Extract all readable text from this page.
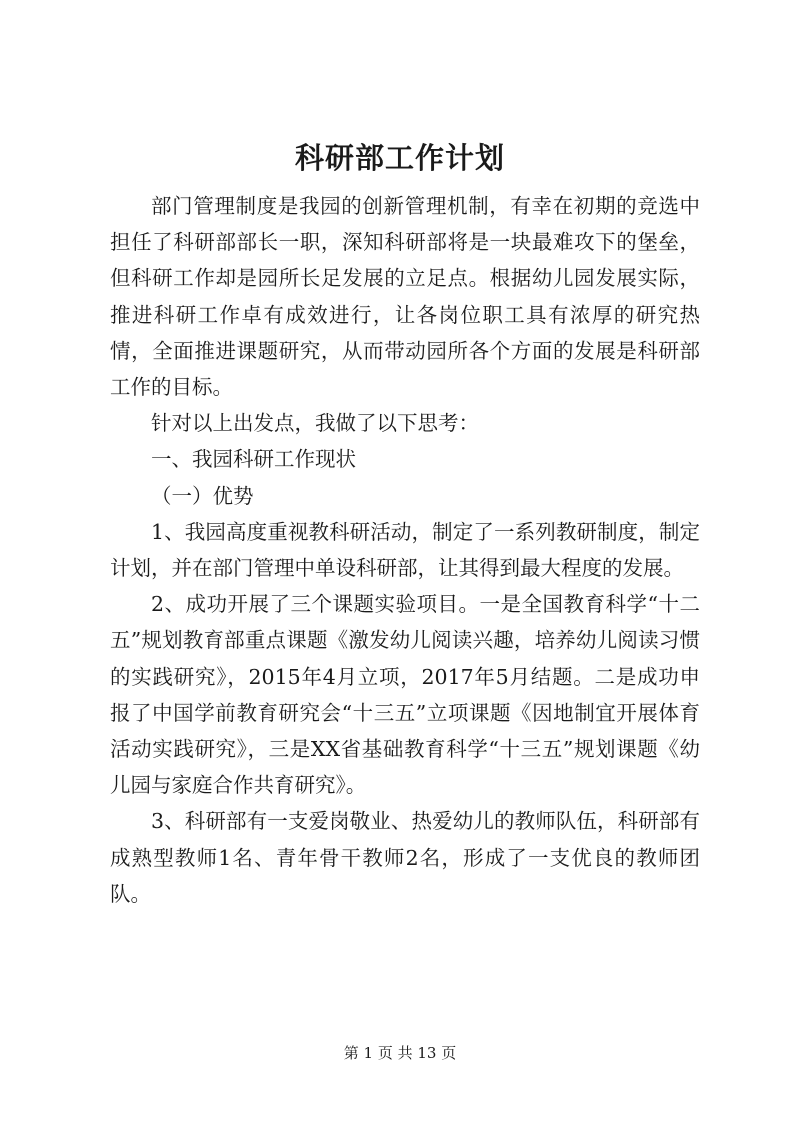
科研部工作计划

部门管理制度是我园的创新管理机制，有幸在初期的竞选中担任了科研部部长一职，深知科研部将是一块最难攻下的堡垒，但科研工作却是园所长足发展的立足点。根据幼儿园发展实际，推进科研工作卓有成效进行，让各岗位职工具有浓厚的研究热情，全面推进课题研究，从而带动园所各个方面的发展是科研部工作的目标。

针对以上出发点，我做了以下思考：

一、我园科研工作现状

（一）优势

1、我园高度重视教科研活动，制定了一系列教研制度，制定计划，并在部门管理中单设科研部，让其得到最大程度的发展。

2、成功开展了三个课题实验项目。一是全国教育科学“十二五”规划教育部重点课题《激发幼儿阅读兴趣，培养幼儿阅读习惯的实践研究》，2015年4月立项，2017年5月结题。二是成功申报了中国学前教育研究会“十三五”立项课题《因地制宜开展体育活动实践研究》，三是XX省基础教育科学“十三五”规划课题《幼儿园与家庭合作共育研究》。

3、科研部有一支爱岗敬业、热爱幼儿的教师队伍，科研部有成熟型教师1名、青年骨干教师2名，形成了一支优良的教师团队。

第 1 页 共 13 页
